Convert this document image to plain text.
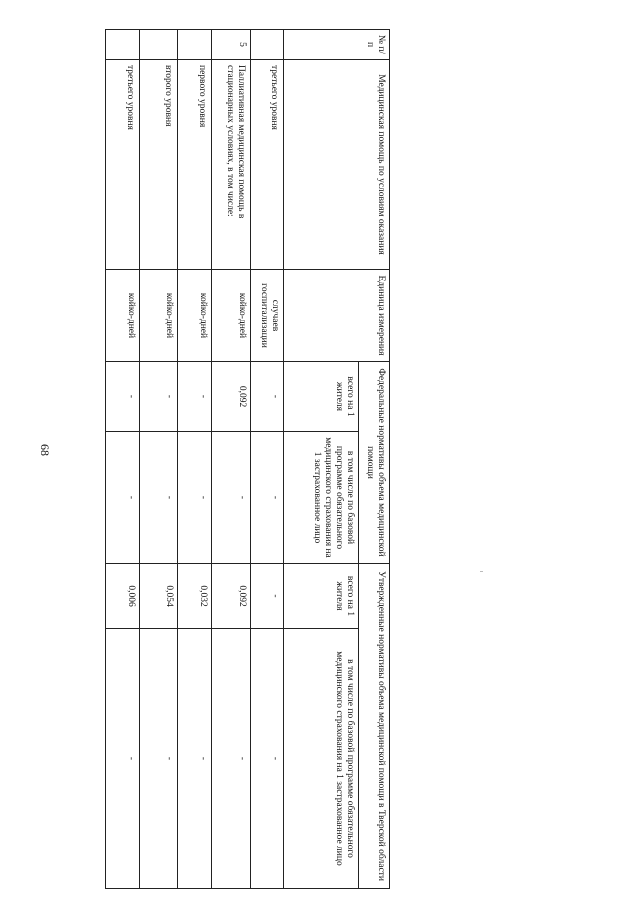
68
№ п/п
Медицинская помощь по условиям оказания
Единица измерения
Федеральные нормативы объема медицинской помощи
Утвержденные нормативы объема медицинской помощи в Тверской области
всего на 1 жителя
в том числе по базовой программе обязательного медицинского страхования на 1 застрахованное лицо
всего на 1 жителя
в том числе по базовой программе обязательного медицинского страхования на 1 застрахованное лицо
третьего уровня
случаев госпитализации
-
-
-
-
5
Паллиативная медицинская помощь в стационарных условиях, в том числе:
койко-дней
0,092
-
0,092
-
первого уровня
койко-дней
-
-
0,032
-
второго уровня
койко-дней
-
-
0,054
-
третьего уровня
койко-дней
-
-
0,006
-
